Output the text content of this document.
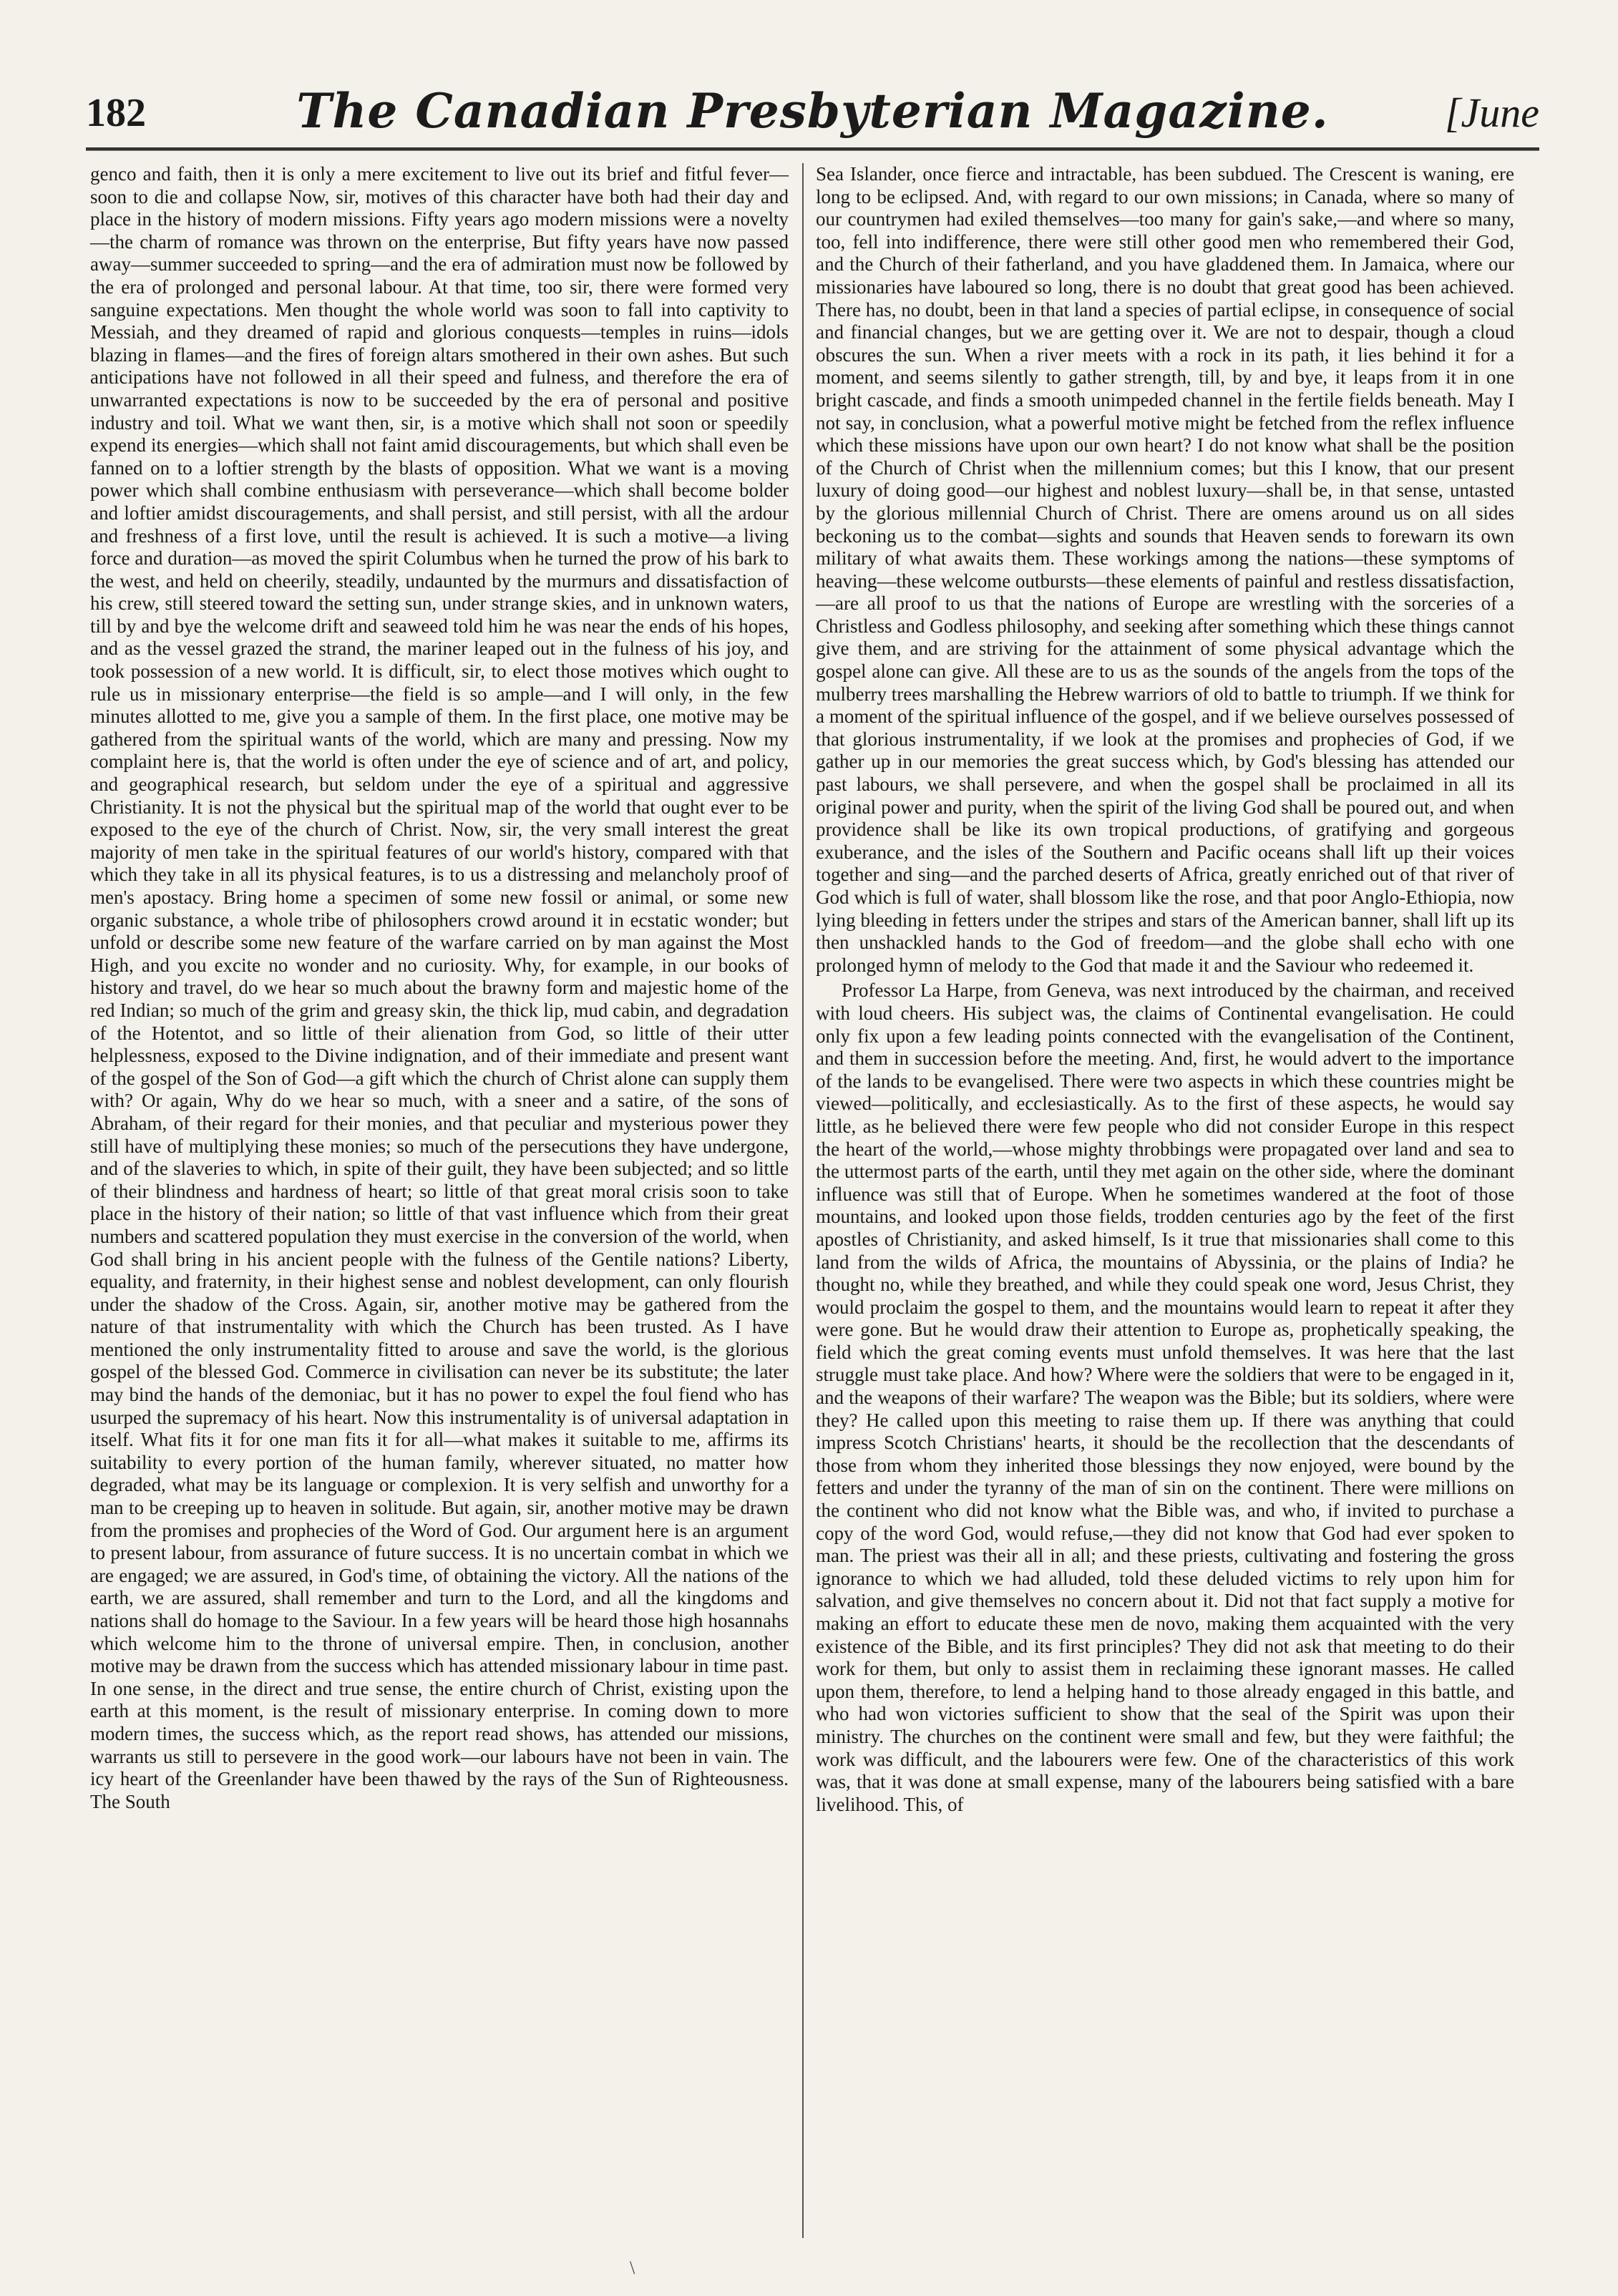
182	The Canadian Presbyterian Magazine.	[June

genco and faith, then it is only a mere excitement to live out its brief and fitful fever—soon to die and collapse Now, sir, motives of this character have both had their day and place in the history of modern missions. Fifty years ago modern missions were a novelty—the charm of romance was thrown on the enterprise, But fifty years have now passed away—summer succeeded to spring—and the era of admiration must now be followed by the era of prolonged and personal labour. At that time, too sir, there were formed very sanguine expectations. Men thought the whole world was soon to fall into captivity to Messiah, and they dreamed of rapid and glorious conquests—temples in ruins—idols blazing in flames—and the fires of foreign altars smothered in their own ashes. But such anticipations have not followed in all their speed and fulness, and therefore the era of unwarranted expectations is now to be succeeded by the era of personal and positive industry and toil. What we want then, sir, is a motive which shall not soon or speedily expend its energies—which shall not faint amid discouragements, but which shall even be fanned on to a loftier strength by the blasts of opposition. What we want is a moving power which shall combine enthusiasm with perseverance—which shall become bolder and loftier amidst discouragements, and shall persist, and still persist, with all the ardour and freshness of a first love, until the result is achieved. It is such a motive—a living force and duration—as moved the spirit Columbus when he turned the prow of his bark to the west, and held on cheerily, steadily, undaunted by the murmurs and dissatisfaction of his crew, still steered toward the setting sun, under strange skies, and in unknown waters, till by and bye the welcome drift and seaweed told him he was near the ends of his hopes, and as the vessel grazed the strand, the mariner leaped out in the fulness of his joy, and took possession of a new world. It is difficult, sir, to elect those motives which ought to rule us in missionary enterprise—the field is so ample—and I will only, in the few minutes allotted to me, give you a sample of them. In the first place, one motive may be gathered from the spiritual wants of the world, which are many and pressing. Now my complaint here is, that the world is often under the eye of science and of art, and policy, and geographical research, but seldom under the eye of a spiritual and aggressive Christianity. It is not the physical but the spiritual map of the world that ought ever to be exposed to the eye of the church of Christ. Now, sir, the very small interest the great majority of men take in the spiritual features of our world's history, compared with that which they take in all its physical features, is to us a distressing and melancholy proof of men's apostacy. Bring home a specimen of some new fossil or animal, or some new organic substance, a whole tribe of philosophers crowd around it in ecstatic wonder; but unfold or describe some new feature of the warfare carried on by man against the Most High, and you excite no wonder and no curiosity. Why, for example, in our books of history and travel, do we hear so much about the brawny form and majestic home of the red Indian; so much of the grim and greasy skin, the thick lip, mud cabin, and degradation of the Hotentot, and so little of their alienation from God, so little of their utter helplessness, exposed to the Divine indignation, and of their immediate and present want of the gospel of the Son of God—a gift which the church of Christ alone can supply them with? Or again, Why do we hear so much, with a sneer and a satire, of the sons of Abraham, of their regard for their monies, and that peculiar and mysterious power they still have of multiplying these monies; so much of the persecutions they have undergone, and of the slaveries to which, in spite of their guilt, they have been subjected; and so little of their blindness and hardness of heart; so little of that great moral crisis soon to take place in the history of their nation; so little of that vast influence which from their great numbers and scattered population they must exercise in the conversion of the world, when God shall bring in his ancient people with the fulness of the Gentile nations? Liberty, equality, and fraternity, in their highest sense and noblest development, can only flourish under the shadow of the Cross. Again, sir, another motive may be gathered from the nature of that instrumentality with which the Church has been trusted. As I have mentioned the only instrumentality fitted to arouse and save the world, is the glorious gospel of the blessed God. Commerce in civilisation can never be its substitute; the later may bind the hands of the demoniac, but it has no power to expel the foul fiend who has usurped the supremacy of his heart. Now this instrumentality is of universal adaptation in itself. What fits it for one man fits it for all—what makes it suitable to me, affirms its suitability to every portion of the human family, wherever situated, no matter how degraded, what may be its language or complexion. It is very selfish and unworthy for a man to be creeping up to heaven in solitude. But again, sir, another motive may be drawn from the promises and prophecies of the Word of God. Our argument here is an argument to present labour, from assurance of future success. It is no uncertain combat in which we are engaged; we are assured, in God's time, of obtaining the victory. All the nations of the earth, we are assured, shall remember and turn to the Lord, and all the kingdoms and nations shall do homage to the Saviour. In a few years will be heard those high hosannahs which welcome him to the throne of universal empire. Then, in conclusion, another motive may be drawn from the success which has attended missionary labour in time past. In one sense, in the direct and true sense, the entire church of Christ, existing upon the earth at this moment, is the result of missionary enterprise. In coming down to more modern times, the success which, as the report read shows, has attended our missions, warrants us still to persevere in the good work—our labours have not been in vain. The icy heart of the Greenlander have been thawed by the rays of the Sun of Righteousness. The South

Sea Islander, once fierce and intractable, has been subdued. The Crescent is waning, ere long to be eclipsed. And, with regard to our own missions; in Canada, where so many of our countrymen had exiled themselves—too many for gain's sake,—and where so many, too, fell into indifference, there were still other good men who remembered their God, and the Church of their fatherland, and you have gladdened them. In Jamaica, where our missionaries have laboured so long, there is no doubt that great good has been achieved. There has, no doubt, been in that land a species of partial eclipse, in consequence of social and financial changes, but we are getting over it. We are not to despair, though a cloud obscures the sun. When a river meets with a rock in its path, it lies behind it for a moment, and seems silently to gather strength, till, by and bye, it leaps from it in one bright cascade, and finds a smooth unimpeded channel in the fertile fields beneath. May I not say, in conclusion, what a powerful motive might be fetched from the reflex influence which these missions have upon our own heart? I do not know what shall be the position of the Church of Christ when the millennium comes; but this I know, that our present luxury of doing good—our highest and noblest luxury—shall be, in that sense, untasted by the glorious millennial Church of Christ. There are omens around us on all sides beckoning us to the combat—sights and sounds that Heaven sends to forewarn its own military of what awaits them. These workings among the nations—these symptoms of heaving—these welcome outbursts—these elements of painful and restless dissatisfaction,—are all proof to us that the nations of Europe are wrestling with the sorceries of a Christless and Godless philosophy, and seeking after something which these things cannot give them, and are striving for the attainment of some physical advantage which the gospel alone can give. All these are to us as the sounds of the angels from the tops of the mulberry trees marshalling the Hebrew warriors of old to battle to triumph. If we think for a moment of the spiritual influence of the gospel, and if we believe ourselves possessed of that glorious instrumentality, if we look at the promises and prophecies of God, if we gather up in our memories the great success which, by God's blessing has attended our past labours, we shall persevere, and when the gospel shall be proclaimed in all its original power and purity, when the spirit of the living God shall be poured out, and when providence shall be like its own tropical productions, of gratifying and gorgeous exuberance, and the isles of the Southern and Pacific oceans shall lift up their voices together and sing—and the parched deserts of Africa, greatly enriched out of that river of God which is full of water, shall blossom like the rose, and that poor Anglo-Ethiopia, now lying bleeding in fetters under the stripes and stars of the American banner, shall lift up its then unshackled hands to the God of freedom—and the globe shall echo with one prolonged hymn of melody to the God that made it and the Saviour who redeemed it.

Professor La Harpe, from Geneva, was next introduced by the chairman, and received with loud cheers. His subject was, the claims of Continental evangelisation. He could only fix upon a few leading points connected with the evangelisation of the Continent, and them in succession before the meeting. And, first, he would advert to the importance of the lands to be evangelised. There were two aspects in which these countries might be viewed—politically, and ecclesiastically. As to the first of these aspects, he would say little, as he believed there were few people who did not consider Europe in this respect the heart of the world,—whose mighty throbbings were propagated over land and sea to the uttermost parts of the earth, until they met again on the other side, where the dominant influence was still that of Europe. When he sometimes wandered at the foot of those mountains, and looked upon those fields, trodden centuries ago by the feet of the first apostles of Christianity, and asked himself, Is it true that missionaries shall come to this land from the wilds of Africa, the mountains of Abyssinia, or the plains of India? he thought no, while they breathed, and while they could speak one word, Jesus Christ, they would proclaim the gospel to them, and the mountains would learn to repeat it after they were gone. But he would draw their attention to Europe as, prophetically speaking, the field which the great coming events must unfold themselves. It was here that the last struggle must take place. And how? Where were the soldiers that were to be engaged in it, and the weapons of their warfare? The weapon was the Bible; but its soldiers, where were they? He called upon this meeting to raise them up. If there was anything that could impress Scotch Christians' hearts, it should be the recollection that the descendants of those from whom they inherited those blessings they now enjoyed, were bound by the fetters and under the tyranny of the man of sin on the continent. There were millions on the continent who did not know what the Bible was, and who, if invited to purchase a copy of the word God, would refuse,—they did not know that God had ever spoken to man. The priest was their all in all; and these priests, cultivating and fostering the gross ignorance to which we had alluded, told these deluded victims to rely upon him for salvation, and give themselves no concern about it. Did not that fact supply a motive for making an effort to educate these men de novo, making them acquainted with the very existence of the Bible, and its first principles? They did not ask that meeting to do their work for them, but only to assist them in reclaiming these ignorant masses. He called upon them, therefore, to lend a helping hand to those already engaged in this battle, and who had won victories sufficient to show that the seal of the Spirit was upon their ministry. The churches on the continent were small and few, but they were faithful; the work was difficult, and the labourers were few. One of the characteristics of this work was, that it was done at small expense, many of the labourers being satisfied with a bare livelihood. This, of

\
